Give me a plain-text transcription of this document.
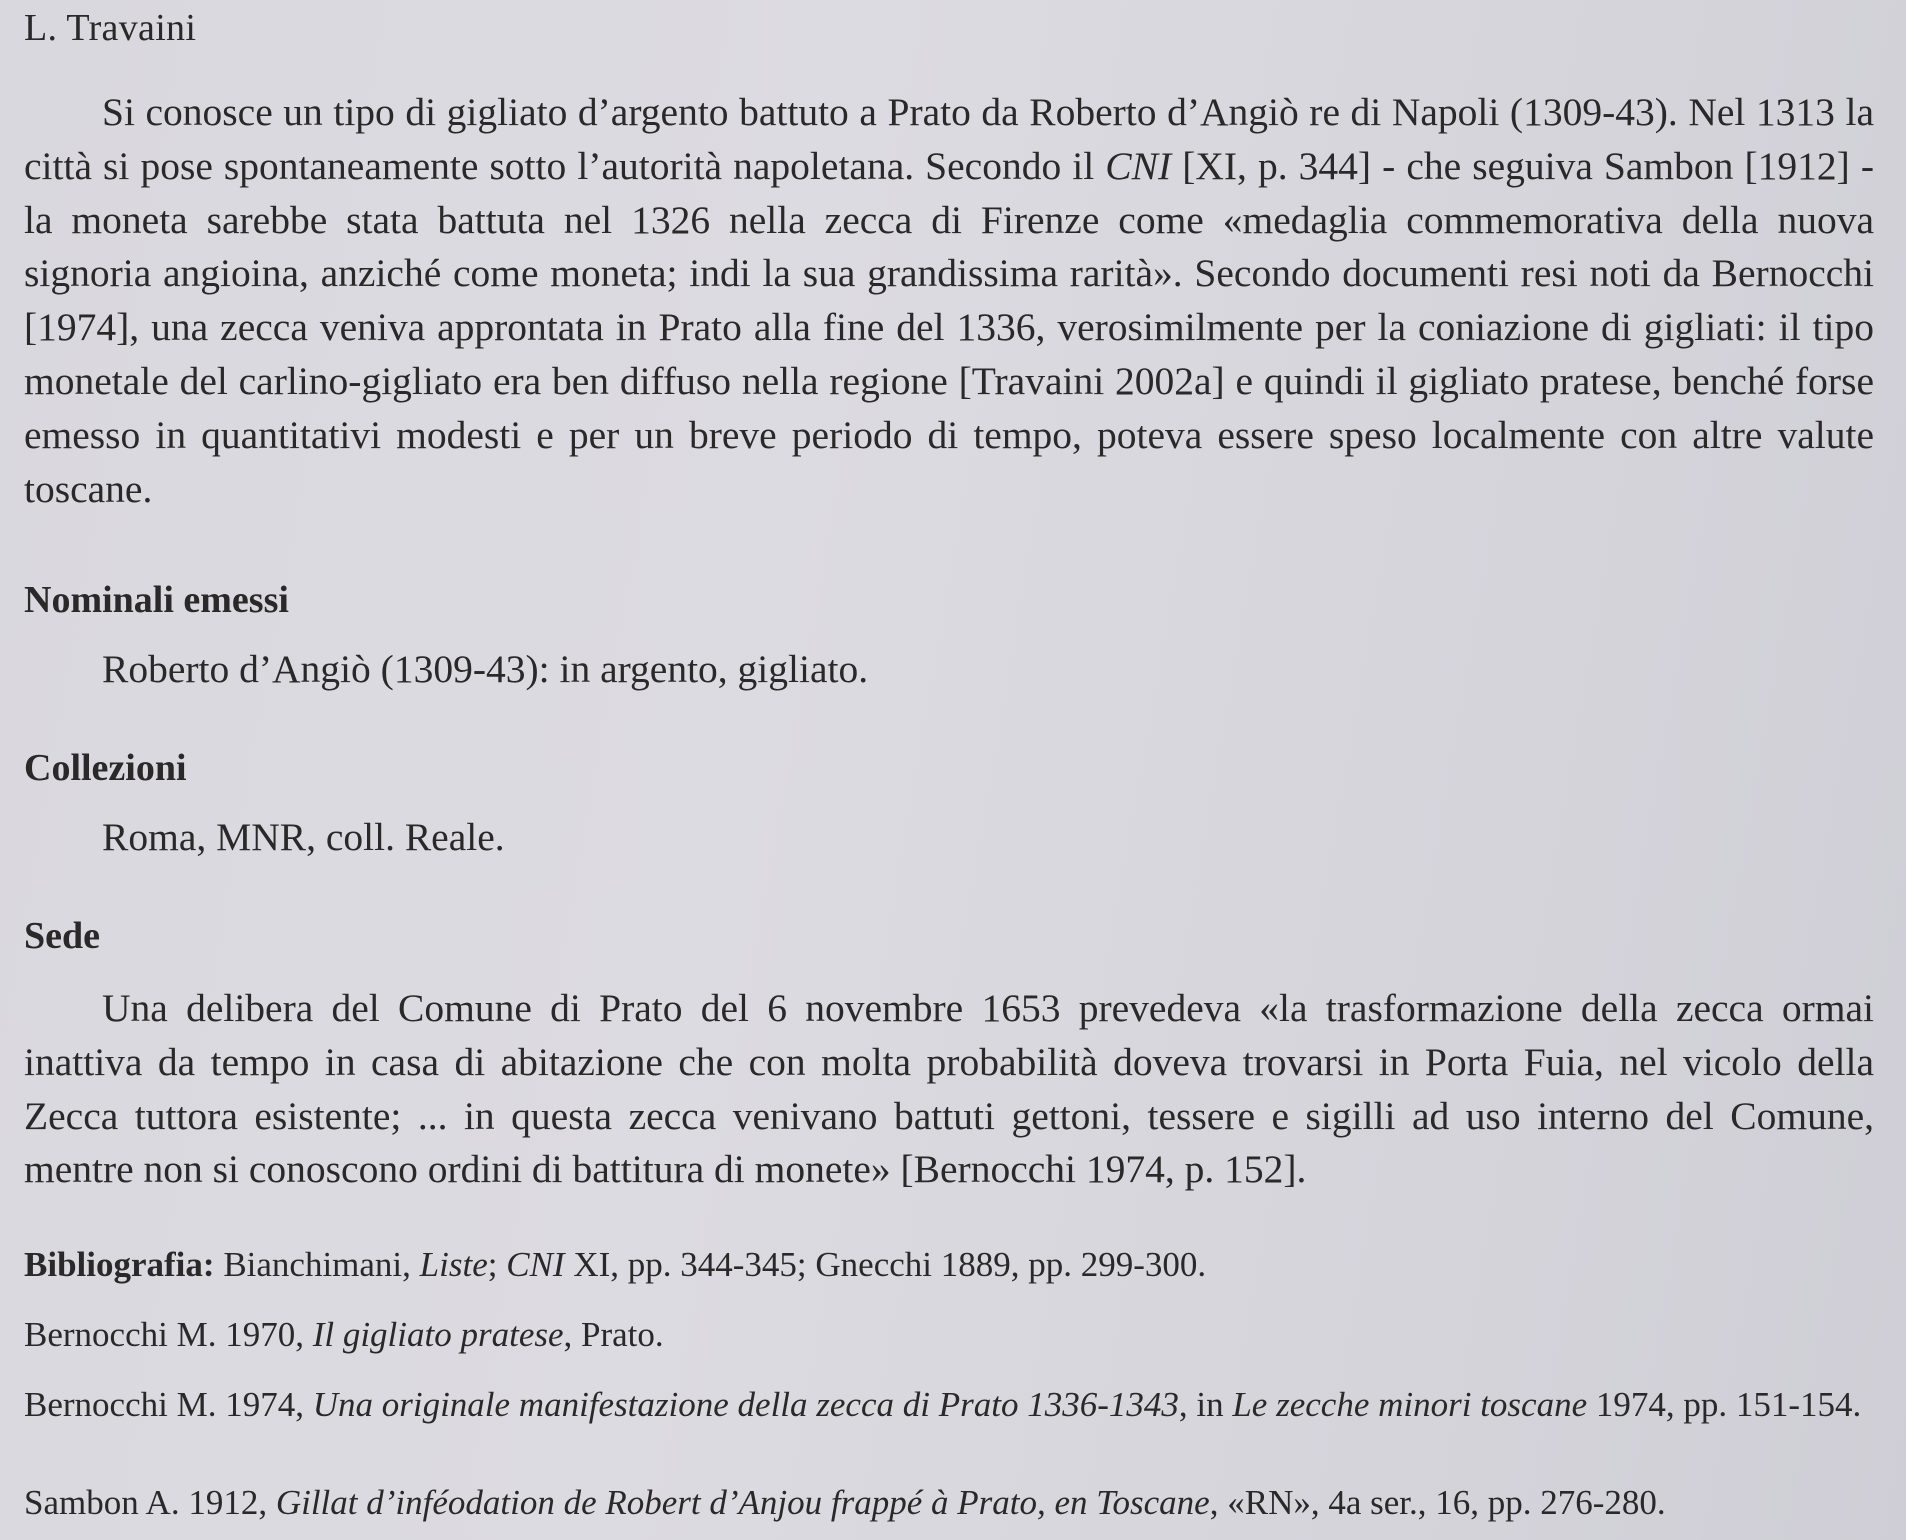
L. Travaini

Si conosce un tipo di gigliato d’argento battuto a Prato da Roberto d’Angiò re di Napoli (1309-43). Nel 1313 la città si pose spontaneamente sotto l’autorità napoletana. Secondo il CNI [XI, p. 344] - che seguiva Sambon [1912] - la moneta sarebbe stata battuta nel 1326 nella zecca di Firenze come «medaglia commemorativa della nuova signoria angioina, anziché come moneta; indi la sua grandissima rarità». Secondo documenti resi noti da Bernocchi [1974], una zecca veniva approntata in Prato alla fine del 1336, verosimilmente per la coniazione di gigliati: il tipo monetale del carlino-gigliato era ben diffuso nella regione [Travaini 2002a] e quindi il gigliato pratese, benché forse emesso in quantitativi modesti e per un breve periodo di tempo, poteva essere speso localmente con altre valute toscane.

Nominali emessi

Roberto d’Angiò (1309-43): in argento, gigliato.

Collezioni

Roma, MNR, coll. Reale.

Sede

Una delibera del Comune di Prato del 6 novembre 1653 prevedeva «la trasformazione della zecca ormai inattiva da tempo in casa di abitazione che con molta probabilità doveva trovarsi in Porta Fuia, nel vicolo della Zecca tuttora esistente; ... in questa zecca venivano battuti gettoni, tessere e sigilli ad uso interno del Comune, mentre non si conoscono ordini di battitura di monete» [Bernocchi 1974, p. 152].

Bibliografia: Bianchimani, Liste; CNI XI, pp. 344-345; Gnecchi 1889, pp. 299-300.

Bernocchi M. 1970, Il gigliato pratese, Prato.

Bernocchi M. 1974, Una originale manifestazione della zecca di Prato 1336-1343, in Le zecche minori toscane 1974, pp. 151-154.

Sambon A. 1912, Gillat d’inféodation de Robert d’Anjou frappé à Prato, en Toscane, «RN», 4a ser., 16, pp. 276-280.
